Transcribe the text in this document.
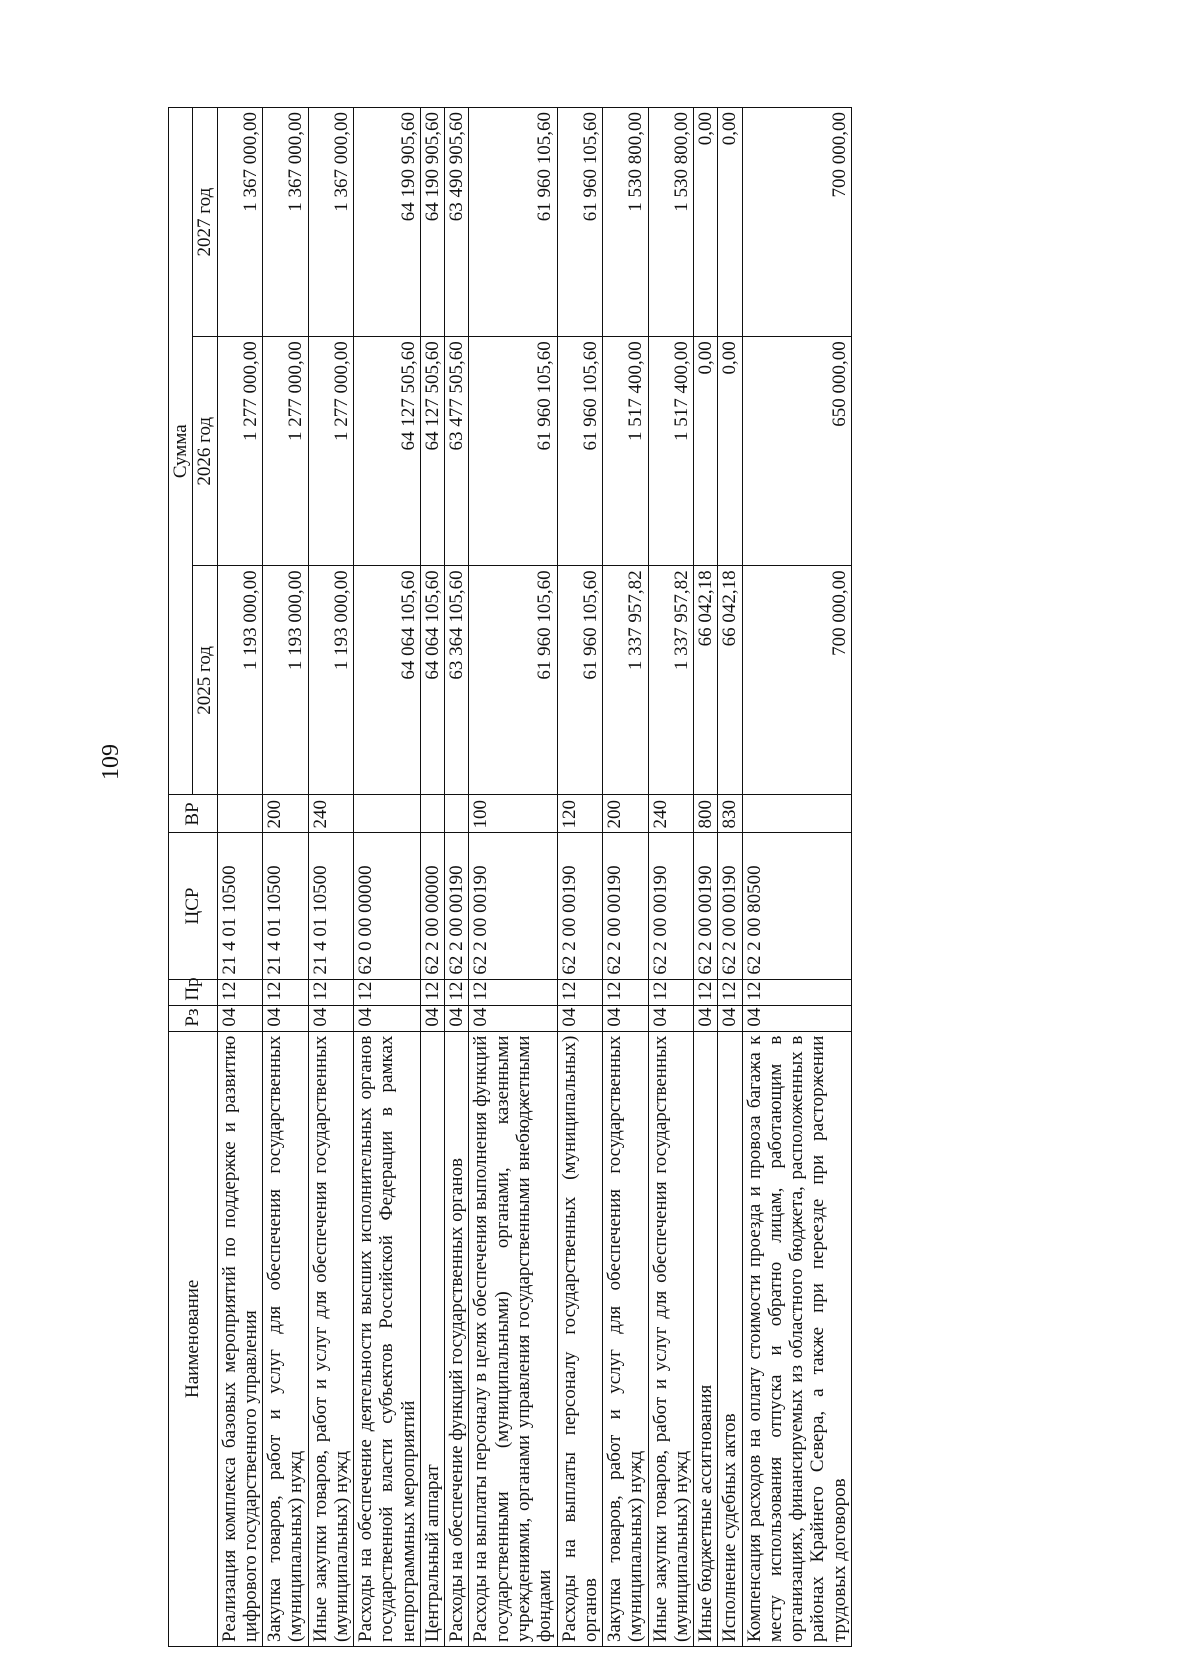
109
Наименование	Рз	Пр	ЦСР	ВР	Сумма		
					2025 год	2026 год	2027 год
Реализация комплекса базовых мероприятий по поддержке и развитию цифрового государственного управления	04	12	21 4 01 10500		1 193 000,00	1 277 000,00	1 367 000,00
Закупка товаров, работ и услуг для обеспечения государственных (муниципальных) нужд	04	12	21 4 01 10500	200	1 193 000,00	1 277 000,00	1 367 000,00
Иные закупки товаров, работ и услуг для обеспечения государственных (муниципальных) нужд	04	12	21 4 01 10500	240	1 193 000,00	1 277 000,00	1 367 000,00
Расходы на обеспечение деятельности высших исполнительных органов государственной власти субъектов Российской Федерации в рамках непрограммных мероприятий	04	12	62 0 00 00000		64 064 105,60	64 127 505,60	64 190 905,60
Центральный аппарат	04	12	62 2 00 00000		64 064 105,60	64 127 505,60	64 190 905,60
Расходы на обеспечение функций государственных органов	04	12	62 2 00 00190		63 364 105,60	63 477 505,60	63 490 905,60
Расходы на выплаты персоналу в целях обеспечения выполнения функций государственными (муниципальными) органами, казенными учреждениями, органами управления государственными внебюджетными фондами	04	12	62 2 00 00190	100	61 960 105,60	61 960 105,60	61 960 105,60
Расходы на выплаты персоналу государственных (муниципальных) органов	04	12	62 2 00 00190	120	61 960 105,60	61 960 105,60	61 960 105,60
Закупка товаров, работ и услуг для обеспечения государственных (муниципальных) нужд	04	12	62 2 00 00190	200	1 337 957,82	1 517 400,00	1 530 800,00
Иные закупки товаров, работ и услуг для обеспечения государственных (муниципальных) нужд	04	12	62 2 00 00190	240	1 337 957,82	1 517 400,00	1 530 800,00
Иные бюджетные ассигнования	04	12	62 2 00 00190	800	66 042,18	0,00	0,00
Исполнение судебных актов	04	12	62 2 00 00190	830	66 042,18	0,00	0,00
Компенсация расходов на оплату стоимости проезда и провоза багажа к месту использования отпуска и обратно лицам, работающим в организациях, финансируемых из областного бюджета, расположенных в районах Крайнего Севера, а также при переезде при расторжении трудовых договоров	04	12	62 2 00 80500		700 000,00	650 000,00	700 000,00
